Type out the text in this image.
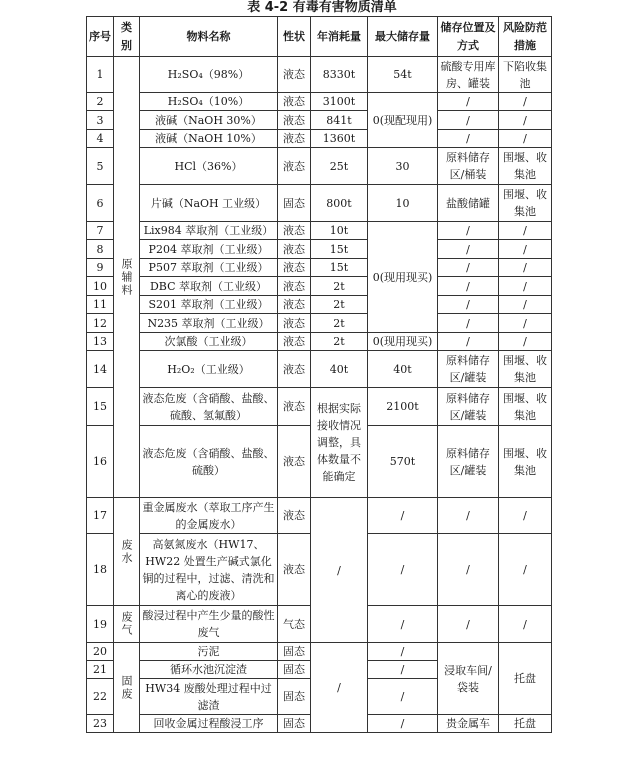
表 4-2 有毒有害物质清单
序号	类别	物料名称	性状	年消耗量	最大储存量	储存位置及方式	风险防范措施
1	原辅料	H₂SO₄（98%）	液态	8330t	54t	硫酸专用库房、罐装	下陷收集池
2		H₂SO₄（10%）	液态	3100t	0(现配现用)	/	/
3		液碱（NaOH 30%）	液态	841t		/	/
4		液碱（NaOH 10%）	液态	1360t		/	/
5		HCl（36%）	液态	25t	30	原料储存区/桶装	围堰、收集池
6		片碱（NaOH 工业级）	固态	800t	10	盐酸储罐	围堰、收集池
7		Lix984 萃取剂（工业级）	液态	10t	0(现用现买)	/	/
8		P204 萃取剂（工业级）	液态	15t		/	/
9		P507 萃取剂（工业级）	液态	15t		/	/
10		DBC 萃取剂（工业级）	液态	2t		/	/
11		S201 萃取剂（工业级）	液态	2t		/	/
12		N235 萃取剂（工业级）	液态	2t		/	/
13		次氯酸（工业级）	液态	2t	0(现用现买)	/	/
14		H₂O₂（工业级）	液态	40t	40t	原料储存区/罐装	围堰、收集池
15		液态危废（含硝酸、盐酸、硫酸、氢氟酸）	液态	根据实际接收情况调整，具体数量不能确定	2100t	原料储存区/罐装	围堰、收集池
16		液态危废（含硝酸、盐酸、硫酸）	液态		570t	原料储存区/罐装	围堰、收集池
17	废水	重金属废水（萃取工序产生的金属废水）	液态	/	/	/	/
18		高氨氮废水（HW17、HW22 处置生产碱式氯化铜的过程中，过滤、清洗和离心的废液）	液态		/	/	/
19	废气	酸浸过程中产生少量的酸性废气	气态		/	/	/
20	固废	污泥	固态	/	/	浸取车间/袋装	托盘
21		循环水池沉淀渣	固态		/		
22		HW34 废酸处理过程中过滤渣	固态		/		
23		回收金属过程酸浸工序	固态		/	贵金属车	托盘
